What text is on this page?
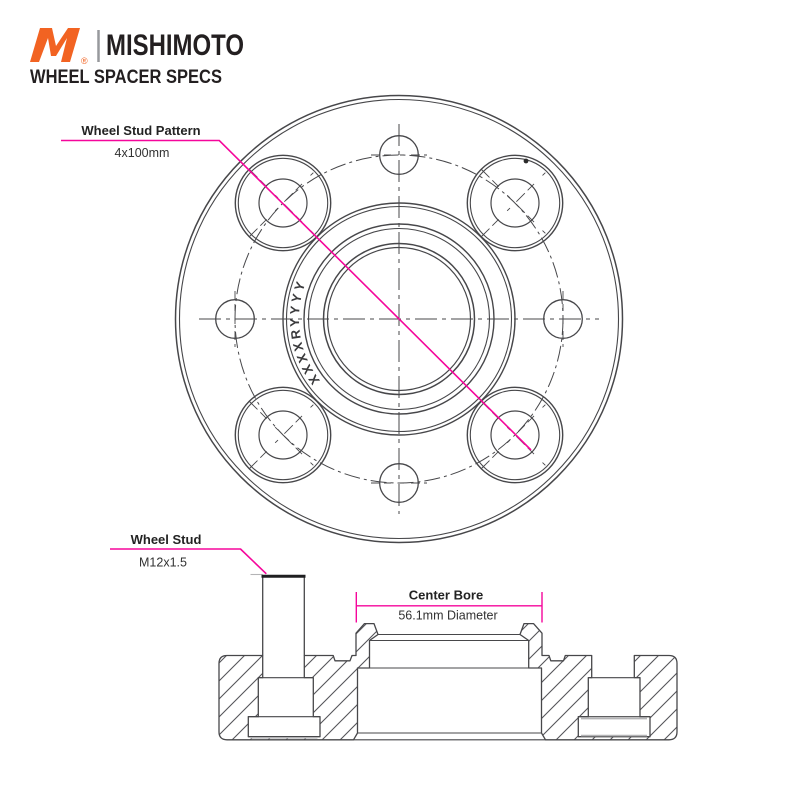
® MISHIMOTO
WHEEL SPACER SPECS
XXXXRYYYY
Wheel Stud Pattern
4x100mm
Wheel Stud
M12x1.5
Center Bore
56.1mm Diameter
